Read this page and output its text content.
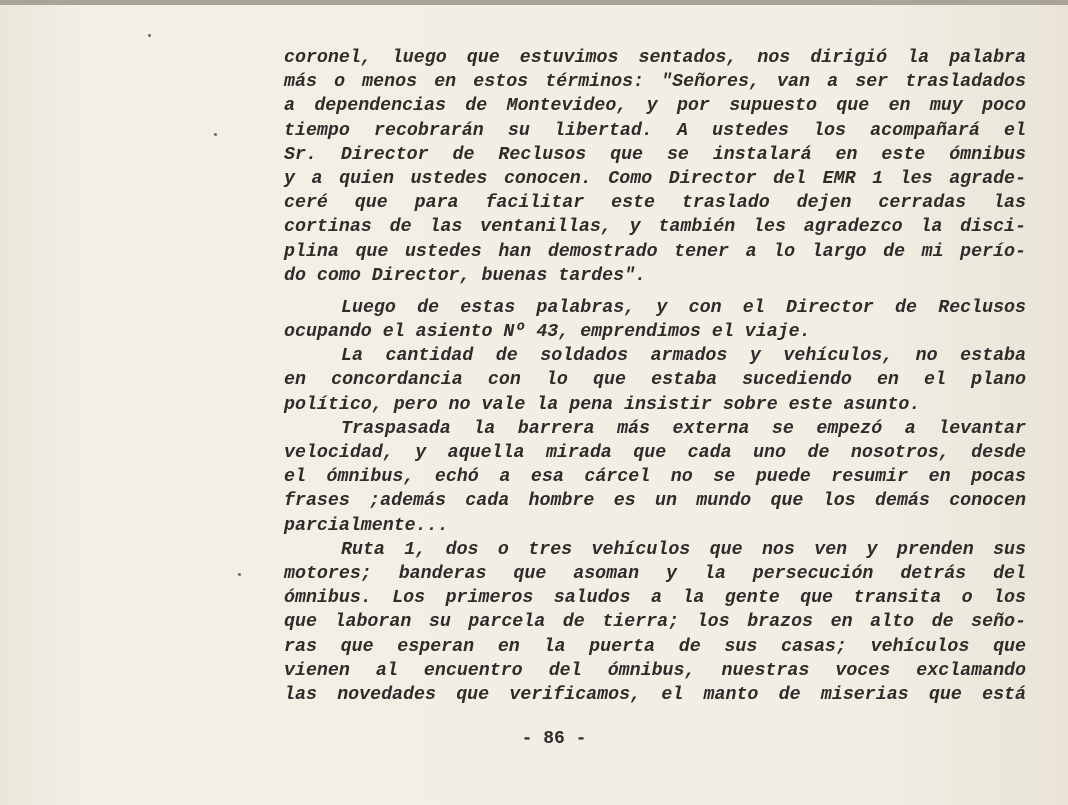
coronel, luego que estuvimos sentados, nos dirigió la palabra
más o menos en estos términos: "Señores, van a ser trasladados
a dependencias de Montevideo, y por supuesto que en muy poco
tiempo recobrarán su libertad. A ustedes los acompañará el
Sr. Director de Reclusos que se instalará en este ómnibus
y a quien ustedes conocen. Como Director del EMR 1 les agrade-
ceré que para facilitar este traslado dejen cerradas las
cortinas de las ventanillas, y también les agradezco la disci-
plina que ustedes han demostrado tener a lo largo de mi perío-
do como Director, buenas tardes".
Luego de estas palabras, y con el Director de Reclusos
ocupando el asiento Nº 43, emprendimos el viaje.
La cantidad de soldados armados y vehículos, no estaba
en concordancia con lo que estaba sucediendo en el plano
político, pero no vale la pena insistir sobre este asunto.
Traspasada la barrera más externa se empezó a levantar
velocidad, y aquella mirada que cada uno de nosotros, desde
el ómnibus, echó a esa cárcel no se puede resumir en pocas
frases ;además cada hombre es un mundo que los demás conocen
parcialmente...
Ruta 1, dos o tres vehículos que nos ven y prenden sus
motores; banderas que asoman y la persecución detrás del
ómnibus. Los primeros saludos a la gente que transita o los
que laboran su parcela de tierra; los brazos en alto de seño-
ras que esperan en la puerta de sus casas; vehículos que
vienen al encuentro del ómnibus, nuestras voces exclamando
las novedades que verificamos, el manto de miserias que está
- 86 -
